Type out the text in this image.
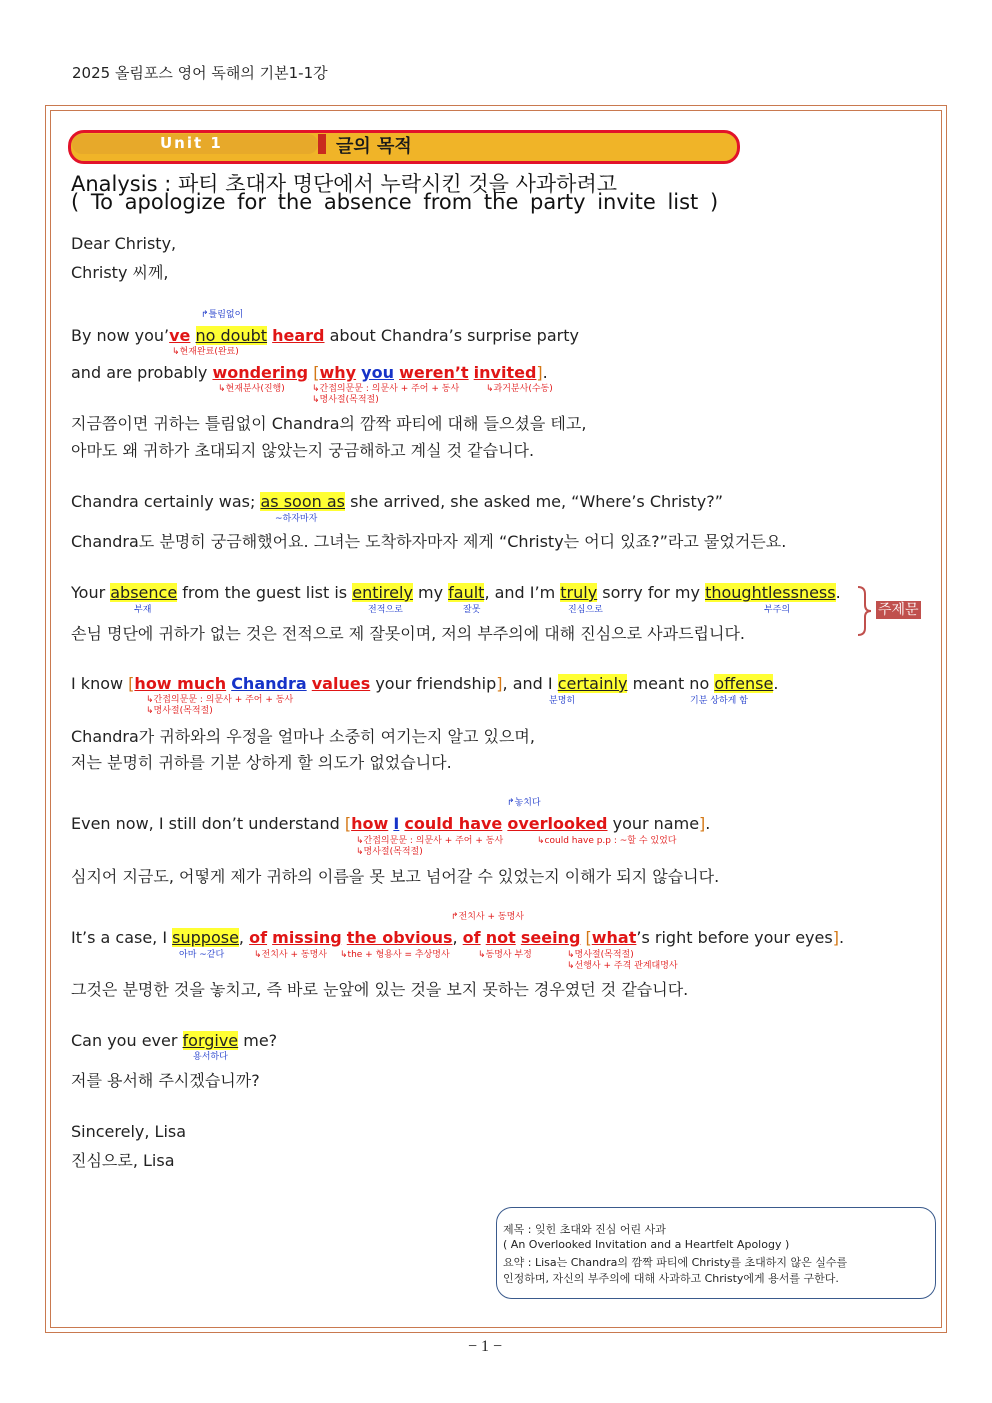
2025 올림포스 영어 독해의 기본1-1강
Unit 1	글의 목적
Analysis : 파티 초대자 명단에서 누락시킨 것을 사과하려고
( To apologize for the absence from the party invite list )
Dear Christy,
Christy 씨께,
↱틀림없이
By now you’ve no doubt heard about Chandra’s surprise party
↳현재완료(완료)
and are probably wondering [why you weren’t invited].
↳현재분사(진행)	↳간접의문문 : 의문사 + 주어 + 동사	↳과거분사(수동)
↳명사절(목적절)
지금쯤이면 귀하는 틀림없이 Chandra의 깜짝 파티에 대해 들으셨을 테고,
아마도 왜 귀하가 초대되지 않았는지 궁금해하고 계실 것 같습니다.
Chandra certainly was; as soon as she arrived, she asked me, “Where’s Christy?”
~하자마자
Chandra도 분명히 궁금해했어요. 그녀는 도착하자마자 제게 “Christy는 어디 있죠?”라고 물었거든요.
Your absence from the guest list is entirely my fault, and I’m truly sorry for my thoughtlessness.
부재	전적으로	잘못	진심으로	부주의
손님 명단에 귀하가 없는 것은 전적으로 제 잘못이며, 저의 부주의에 대해 진심으로 사과드립니다.
주제문
I know [how much Chandra values your friendship], and I certainly meant no offense.
↳간접의문문 : 의문사 + 주어 + 동사
↳명사절(목적절)
분명히	기분 상하게 함
Chandra가 귀하와의 우정을 얼마나 소중히 여기는지 알고 있으며,
저는 분명히 귀하를 기분 상하게 할 의도가 없었습니다.
↱놓치다
Even now, I still don’t understand [how I could have overlooked your name].
↳간접의문문 : 의문사 + 주어 + 동사	↳could have p.p : ~할 수 있었다
↳명사절(목적절)
심지어 지금도, 어떻게 제가 귀하의 이름을 못 보고 넘어갈 수 있었는지 이해가 되지 않습니다.
↱전치사 + 동명사
It’s a case, I suppose, of missing the obvious, of not seeing [what’s right before your eyes].
아마 ~같다	↳전치사 + 동명사 ↳the + 형용사 = 추상명사	↳동명사 부정	↳명사절(목적절)
↳선행사 + 주격 관계대명사
그것은 분명한 것을 놓치고, 즉 바로 눈앞에 있는 것을 보지 못하는 경우였던 것 같습니다.
Can you ever forgive me?
용서하다
저를 용서해 주시겠습니까?
Sincerely, Lisa
진심으로, Lisa
제목 : 잊힌 초대와 진심 어린 사과
( An Overlooked Invitation and a Heartfelt Apology )
요약 : Lisa는 Chandra의 깜짝 파티에 Christy를 초대하지 않은 실수를
인정하며, 자신의 부주의에 대해 사과하고 Christy에게 용서를 구한다.
− 1 −
